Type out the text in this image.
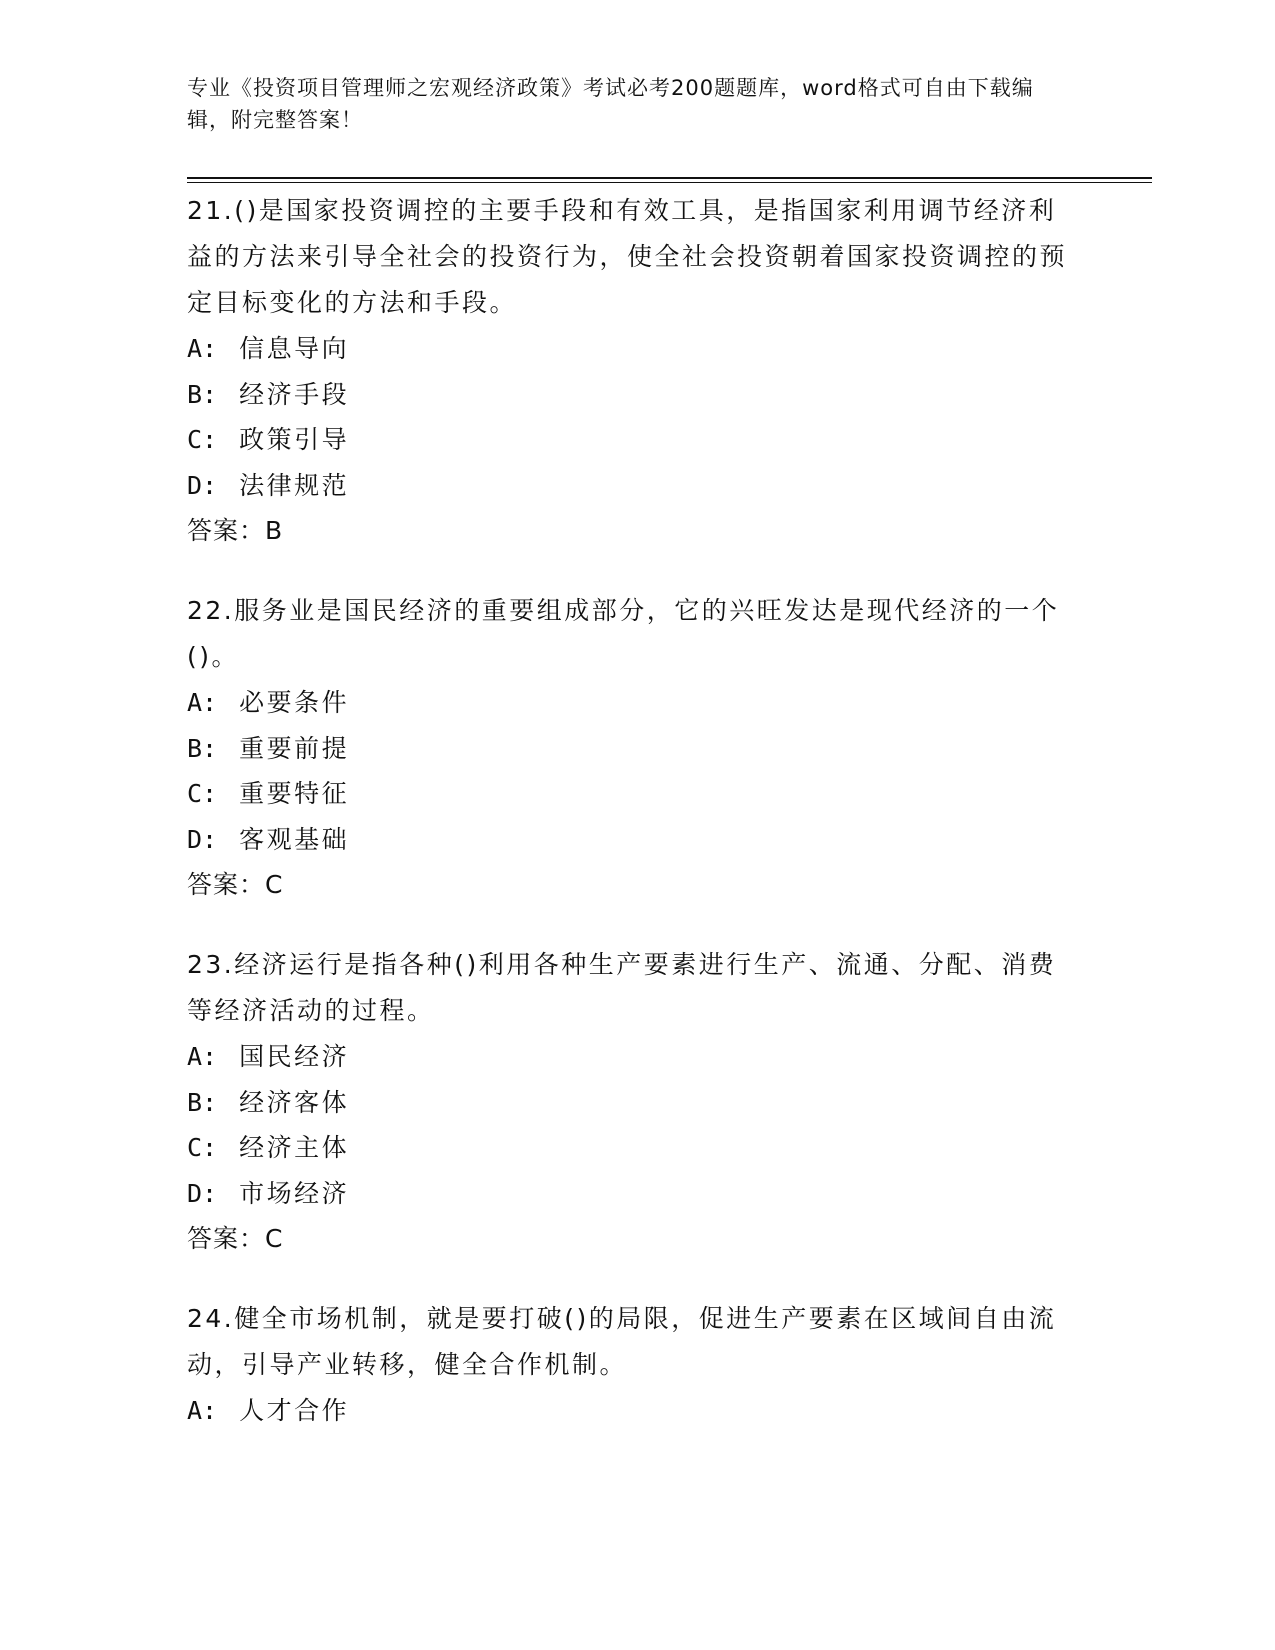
专业《投资项目管理师之宏观经济政策》考试必考200题题库，word格式可自由下载编辑，附完整答案！
21.()是国家投资调控的主要手段和有效工具，是指国家利用调节经济利益的方法来引导全社会的投资行为，使全社会投资朝着国家投资调控的预定目标变化的方法和手段。
A: 信息导向
B: 经济手段
C: 政策引导
D: 法律规范
答案：B
22.服务业是国民经济的重要组成部分，它的兴旺发达是现代经济的一个()。
A: 必要条件
B: 重要前提
C: 重要特征
D: 客观基础
答案：C
23.经济运行是指各种()利用各种生产要素进行生产、流通、分配、消费等经济活动的过程。
A: 国民经济
B: 经济客体
C: 经济主体
D: 市场经济
答案：C
24.健全市场机制，就是要打破()的局限，促进生产要素在区域间自由流动，引导产业转移，健全合作机制。
A: 人才合作
